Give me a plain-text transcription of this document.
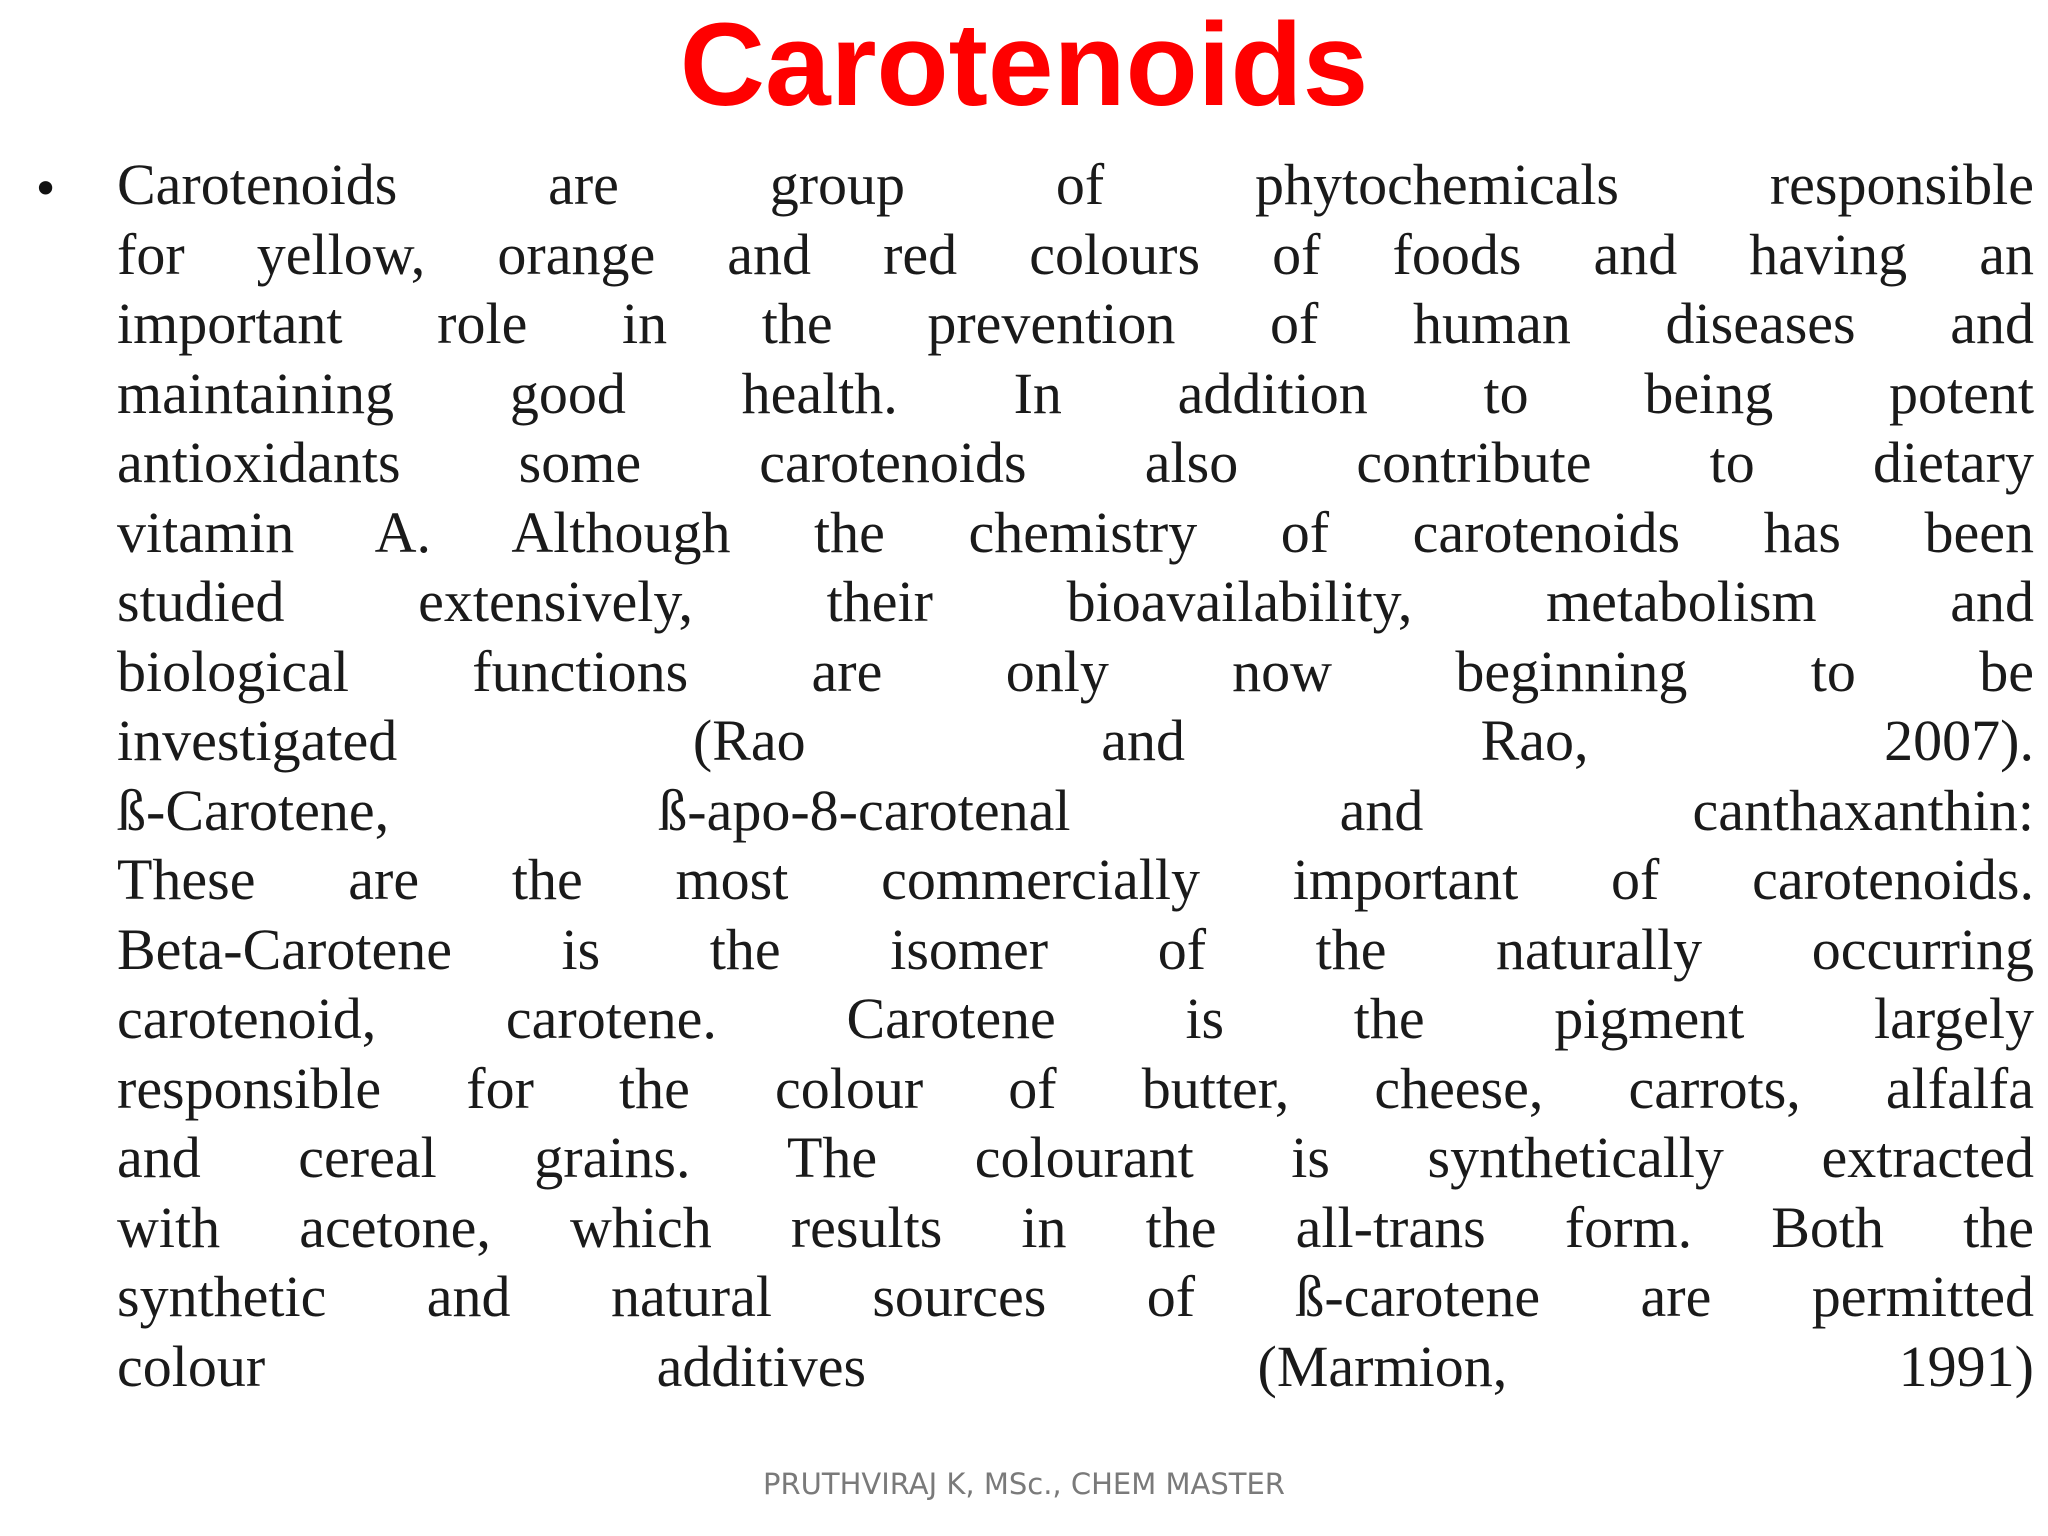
Carotenoids
• Carotenoids are group of phytochemicals responsible
for yellow, orange and red colours of foods and having an
important role in the prevention of human diseases and
maintaining good health. In addition to being potent
antioxidants some carotenoids also contribute to dietary
vitamin A. Although the chemistry of carotenoids has been
studied extensively, their bioavailability, metabolism and
biological functions are only now beginning to be
investigated (Rao and Rao, 2007).
ß-Carotene, ß-apo-8-carotenal and canthaxanthin:
These are the most commercially important of carotenoids.
Beta-Carotene is the isomer of the naturally occurring
carotenoid, carotene. Carotene is the pigment largely
responsible for the colour of butter, cheese, carrots, alfalfa
and cereal grains. The colourant is synthetically extracted
with acetone, which results in the all-trans form. Both the
synthetic and natural sources of ß-carotene are permitted
colour additives (Marmion, 1991)

PRUTHVIRAJ K, MSc., CHEM MASTER
